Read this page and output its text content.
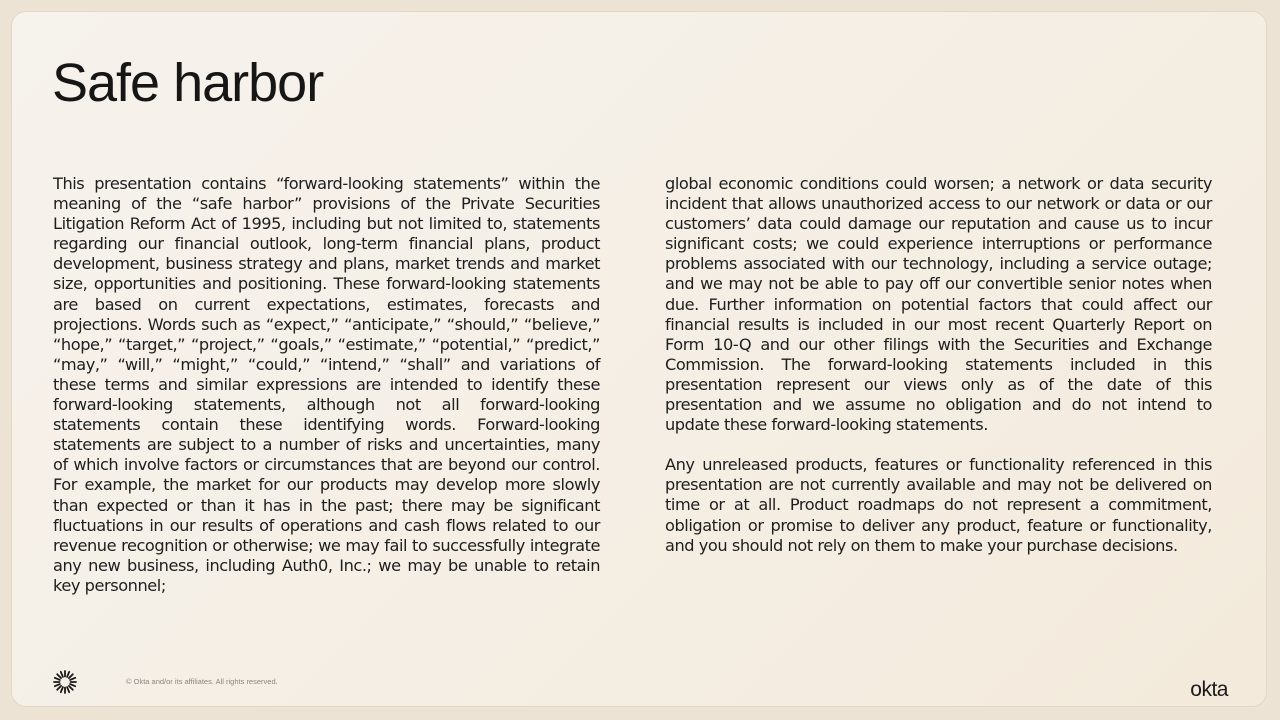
Safe harbor

This presentation contains “forward-looking statements” within the meaning of the “safe harbor” provisions of the Private Securities Litigation Reform Act of 1995, including but not limited to, statements regarding our financial outlook, long-term financial plans, product development, business strategy and plans, market trends and market size, opportunities and positioning. These forward-looking statements are based on current expectations, estimates, forecasts and projections. Words such as “expect,” “anticipate,” “should,” “believe,” “hope,” “target,” “project,” “goals,” “estimate,” “potential,” “predict,” “may,” “will,” “might,” “could,” “intend,” “shall” and variations of these terms and similar expressions are intended to identify these forward-looking statements, although not all forward-looking statements contain these identifying words. Forward-looking statements are subject to a number of risks and uncertainties, many of which involve factors or circumstances that are beyond our control. For example, the market for our products may develop more slowly than expected or than it has in the past; there may be significant fluctuations in our results of operations and cash flows related to our revenue recognition or otherwise; we may fail to successfully integrate any new business, including Auth0, Inc.; we may be unable to retain key personnel;

global economic conditions could worsen; a network or data security incident that allows unauthorized access to our network or data or our customers’ data could damage our reputation and cause us to incur significant costs; we could experience interruptions or performance problems associated with our technology, including a service outage; and we may not be able to pay off our convertible senior notes when due. Further information on potential factors that could affect our financial results is included in our most recent Quarterly Report on Form 10-Q and our other filings with the Securities and Exchange Commission. The forward-looking statements included in this presentation represent our views only as of the date of this presentation and we assume no obligation and do not intend to update these forward-looking statements.

Any unreleased products, features or functionality referenced in this presentation are not currently available and may not be delivered on time or at all. Product roadmaps do not represent a commitment, obligation or promise to deliver any product, feature or functionality, and you should not rely on them to make your purchase decisions.

© Okta and/or its affiliates. All rights reserved.	okta
